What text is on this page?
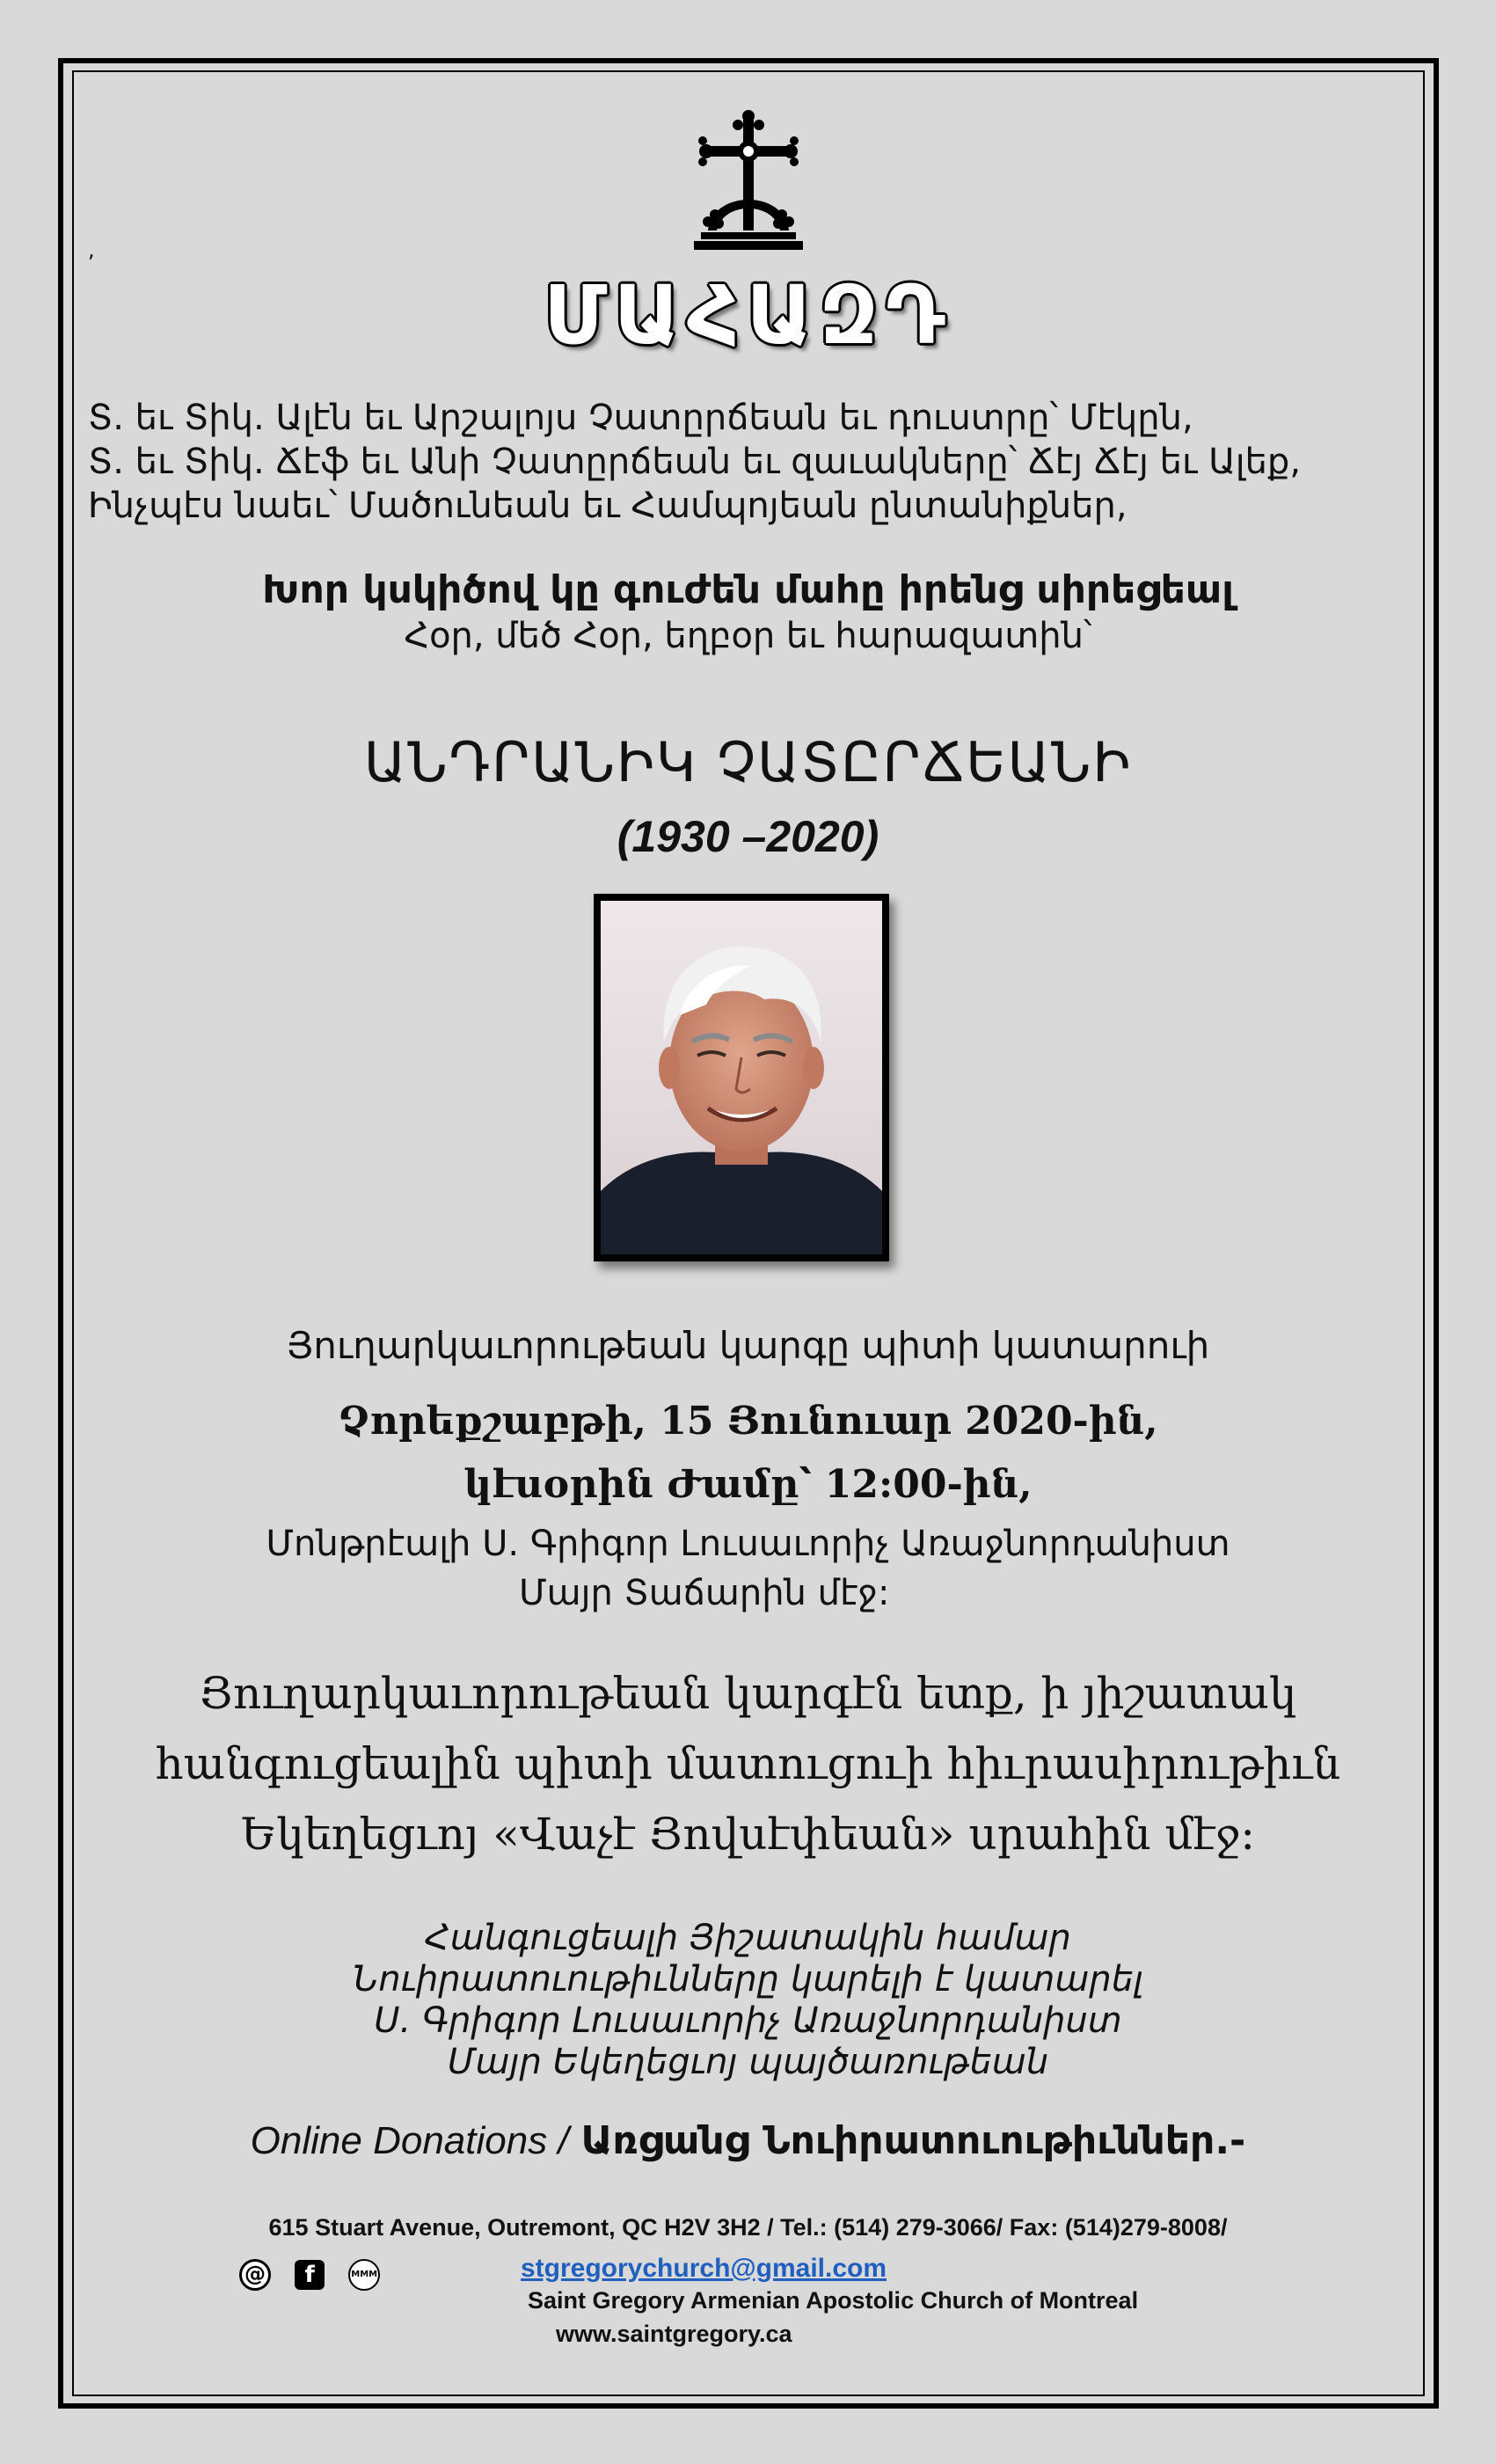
,
ՄԱՀԱԶԴ
Տ. եւ Տիկ. Ալէն եւ Արշալոյս Չատըրճեան եւ դուստրը՝ Մէկըն,
Տ. եւ Տիկ. Ճէֆ եւ Անի Չատըրճեան եւ զաւակները՝ Ճէյ Ճէյ եւ Ալեք,
Ինչպէս նաեւ՝ Մածունեան եւ Համպոյեան ընտանիքներ,
Խոր կսկիծով կը գուժեն մահը իրենց սիրեցեալ
Հօր, մեծ Հօր, եղբօր եւ հարազատին՝
ԱՆԴՐԱՆԻԿ ՉԱՏԸՐՃԵԱՆԻ
(1930 –2020)
Յուղարկաւորութեան կարգը պիտի կատարուի
Չորեքշաբթի, 15 Յունուար 2020-ին,
կէսօրին Ժամը՝ 12:00-ին,
Մոնթրէալի Ս. Գրիգոր Լուսաւորիչ Առաջնորդանիստ
Մայր Տաճարին մէջ:
Յուղարկաւորութեան կարգէն ետք, ի յիշատակ
հանգուցեալին պիտի մատուցուի հիւրասիրութիւն
Եկեղեցւոյ «Վաչէ Յովսէփեան» սրահին մէջ:
Հանգուցեալի Յիշատակին համար
Նուիրատուութիւնները կարելի է կատարել
Ս. Գրիգոր Լուսաւորիչ Առաջնորդանիստ
Մայր Եկեղեցւոյ պայծառութեան
Online Donations / Առցանց Նուիրատուութիւններ.-
615 Stuart Avenue, Outremont, QC H2V 3H2 / Tel.: (514) 279-3066/ Fax: (514)279-8008/
@ f	MMM	stgregorychurch@gmail.com
Saint Gregory Armenian Apostolic Church of Montreal
www.saintgregory.ca
